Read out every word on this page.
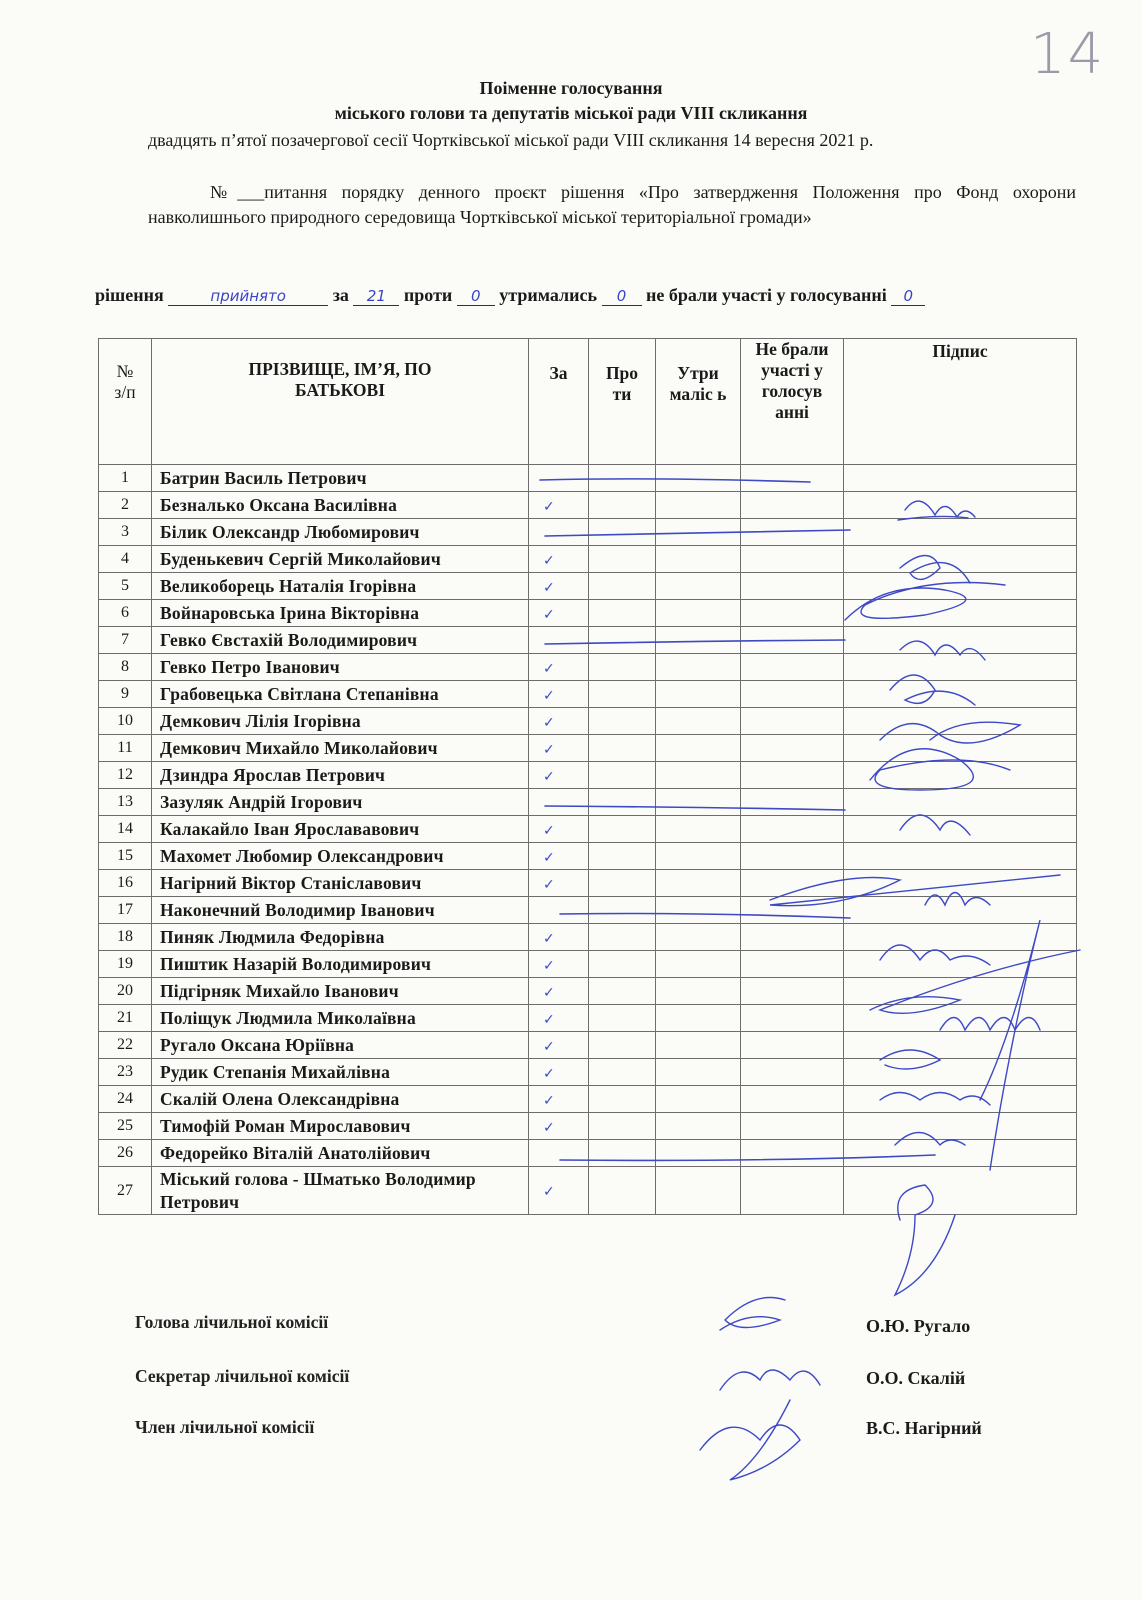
14
Поіменне голосування
міського голови та депутатів міської ради VIII скликання
двадцять п’ятої позачергової сесії Чортківської міської ради VIII скликання 14 вересня 2021 р.
№___питання порядку денного проєкт рішення «Про затвердження Положення про Фонд охорони навколишнього природного середовища Чортківської міської територіальної громади»
рішення	прийнято	за 21 проти 0 утримались 0 не брали участі у голосуванні 0
№ з/п	ПРІЗВИЩЕ, ІМ’Я, ПО БАТЬКОВІ	За	Про ти	Утри маліс ь	Не брали участі у голосув анні	Підпис

1	Батрин Василь Петрович					
2	Безналько Оксана Василівна	✓				
3	Білик Олександр Любомирович					
4	Буденькевич Сергій Миколайович	✓				
5	Великоборець Наталія Ігорівна	✓				
6	Войнаровська Ірина Вікторівна	✓				
7	Гевко Євстахій Володимирович					
8	Гевко Петро Іванович	✓				
9	Грабовецька Світлана Степанівна	✓				
10	Демкович Лілія Ігорівна	✓				
11	Демкович Михайло Миколайович	✓				
12	Дзиндра Ярослав Петрович	✓				
13	Зазуляк Андрій Ігорович					
14	Калакайло Іван Ярослававович	✓				
15	Махомет Любомир Олександрович	✓				
16	Нагірний Віктор Станіславович	✓				
17	Наконечний Володимир Іванович					
18	Пиняк Людмила Федорівна	✓				
19	Пиштик Назарій Володимирович	✓				
20	Підгірняк Михайло Іванович	✓				
21	Поліщук Людмила Миколаївна	✓				
22	Ругало Оксана Юріївна	✓				
23	Рудик Степанія Михайлівна	✓				
24	Скалій Олена Олександрівна	✓				
25	Тимофій Роман Мирославович	✓				
26	Федорейко Віталій Анатолійович					
27	Міський голова - Шматько Володимир Петрович	✓				
Голова лічильної комісії
Секретар лічильної комісії
Член лічильної комісії
О.Ю. Ругало
О.О. Скалій
В.С. Нагірний
